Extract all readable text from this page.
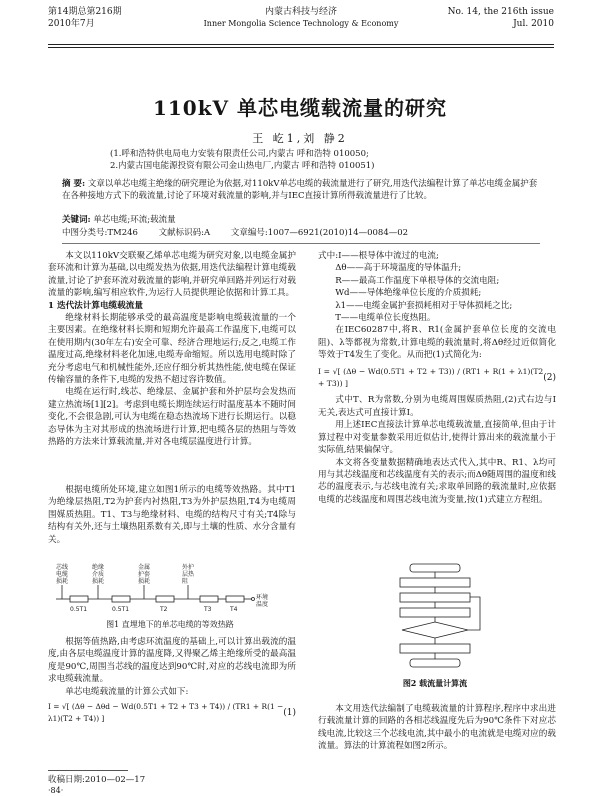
第14期总第216期
2010年7月
内蒙古科技与经济
Inner Mongolia Science Technology & Economy
No. 14, the 216th issue
Jul. 2010
110kV 单芯电缆载流量的研究
王 屹1,刘 静2
(1.呼和浩特供电局电力安装有限责任公司,内蒙古 呼和浩特 010050;
2.内蒙古国电能源投资有限公司金山热电厂,内蒙古 呼和浩特 010051)
摘 要: 文章以单芯电缆主绝缘的研究理论为依据,对110kV单芯电缆的载流量进行了研究,用迭代法编程计算了单芯电缆金属护套在各种接地方式下的载流量,讨论了环境对载流量的影响,并与IEC直接计算所得载流量进行了比较。
关键词: 单芯电缆;环流;载流量
中图分类号:TM246 文献标识码:A 文章编号:1007—6921(2010)14—0084—02

本文以110kV交联聚乙烯单芯电缆为研究对象,以电缆金属护套环流和计算为基础,以电缆发热为依据,用迭代法编程计算电缆载流量,讨论了护套环流对载流量的影响,并研究单回路并列运行对载流量的影响,编写相应软件,为运行人员提供理论依据和计算工具。

1 迭代法计算电缆载流量

绝缘材料长期能够承受的最高温度是影响电缆载流量的一个主要因素。在绝缘材料长期和短期允许最高工作温度下,电缆可以在使用期内(30年左右)安全可靠、经济合理地运行;反之,电缆工作温度过高,绝缘材料老化加速,电缆寿命缩短。所以选用电缆时除了充分考虑电气和机械性能外,还应仔细分析其热性能,使电缆在保证传输容量的条件下,电缆的发热不超过容许数值。

电缆在运行时,线芯、绝缘层、金属护套和外护层均会发热而建立热流场[1][2]。考虑到电缆长期连续运行时温度基本不随时间变化,不会很急剧,可认为电缆在稳态热流场下进行长期运行。以稳态导体为主对其形成的热流场进行计算,把电缆各层的热阻与等效热路的方法来计算载流量,并对各电缆层温度进行计算。

根据电缆所处环境,建立如图1所示的电缆等效热路。其中T1为绝缘层热阻,T2为护套内衬热阻,T3为外护层热阻,T4为电缆周围媒质热阻。T1、T3与绝缘材料、电缆的结构尺寸有关;T4除与结构有关外,还与土壤热阻系数有关,即与土壤的性质、水分含量有关。

芯线	绝缘	金属	外护
电缆	介质	护套	层热
损耗	损耗	损耗	阻
环境
温度
0.5T1	0.5T1	T2	T3	T4
图1 直埋地下的单芯电缆的等效热路

根据等值热路,由考虑环流温度的基础上,可以计算出载流的温度,由各层电缆温度计算的温度降,又得聚乙烯主绝缘所受的最高温度是90℃,周围当芯线的温度达到90℃时,对应的芯线电流即为所求电缆载流量。

单芯电缆载流量的计算公式如下:

I = √[ (Δθ − Δθd − Wd(0.5T1 + T2 + T3 + T4)) / (TR1 + R(1 − λ1)(T2 + T4)) ]
(1)
收稿日期:2010—02—17
·84·

式中:I——根导体中流过的电流;

Δθ——高于环境温度的导体温升;

R——最高工作温度下单根导体的交流电阻;

Wd——导体绝缘单位长度的介质损耗;

λ1——电缆金属护套损耗相对于导体损耗之比;

T——电缆单位长度热阻。

在IEC60287中,将R、R1(金属护套单位长度的交流电阻)、λ等都视为常数,计算电缆的载流量时,将Δθ经过近似简化等效于T4发生了变化。从而把(1)式简化为:

I = √[ (Δθ − Wd(0.5T1 + T2 + T3)) / (RT1 + R(1 + λ1)(T2 + T3)) ]
(2)

式中T、R为常数,分别为电缆周围媒质热阻,(2)式右边与I无关,表达式可直接计算I。

用上述IEC直接法计算单芯电缆载流量,直接简单,但由于计算过程中对变量参数采用近似估计,使得计算出来的载流量小于实际值,结果偏保守。

本文将各变量数据精确地表达式代入,其中R、R1、λ均可用与其芯线温度和芯线温度有关的表示;而Δθ随周围的温度和线芯的温度表示,与芯线电流有关;求取单回路的载流量时,应依据电缆的芯线温度和周围芯线电流为变量,按(1)式建立方程组。

图2 载流量计算流

本文用迭代法编制了电缆载流量的计算程序,程序中求出进行载流量计算的回路的各相芯线温度先后为90℃条件下对应芯线电流,比较这三个芯线电流,其中最小的电流就是电缆对应的载流量。算法的计算流程如图2所示。
